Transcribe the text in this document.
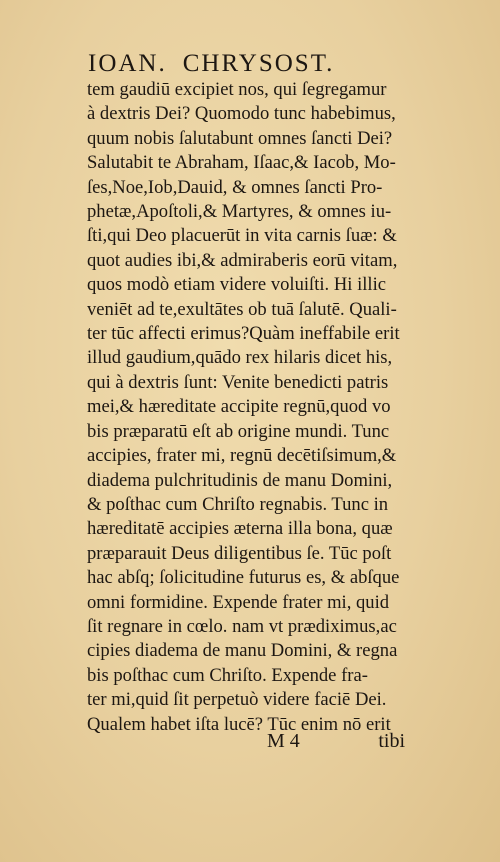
IOAN. CHRYSOST.
tem gaudiū excipiet nos, qui ſegregamur
à dextris Dei? Quomodo tunc habebimus,
quum nobis ſalutabunt omnes ſancti Dei?
Salutabit te Abraham, Iſaac,& Iacob, Mo-
ſes,Noe,Iob,Dauid, & omnes ſancti Pro-
phetæ,Apoſtoli,& Martyres, & omnes iu-
ſti,qui Deo placuerūt in vita carnis ſuæ: &
quot audies ibi,& admiraberis eorū vitam,
quos modò etiam videre voluiſti. Hi illic
veniēt ad te,exultātes ob tuā ſalutē. Quali-
ter tūc affecti erimus?Quàm ineffabile erit
illud gaudium,quādo rex hilaris dicet his,
qui à dextris ſunt: Venite benedicti patris
mei,& hæreditate accipite regnū,quod vo
bis præparatū eſt ab origine mundi. Tunc
accipies, frater mi, regnū decētiſsimum,&
diadema pulchritudinis de manu Domini,
& poſthac cum Chriſto regnabis. Tunc in
hæreditatē accipies æterna illa bona, quæ
præparauit Deus diligentibus ſe. Tūc poſt
hac abſq; ſolicitudine futurus es, & abſque
omni formidine. Expende frater mi, quid
ſit regnare in cœlo. nam vt prædiximus,ac
cipies diadema de manu Domini, & regna
bis poſthac cum Chriſto. Expende fra-
ter mi,quid ſit perpetuò videre faciē Dei.
Qualem habet iſta lucē? Tūc enim nō erit
M 4	tibi
